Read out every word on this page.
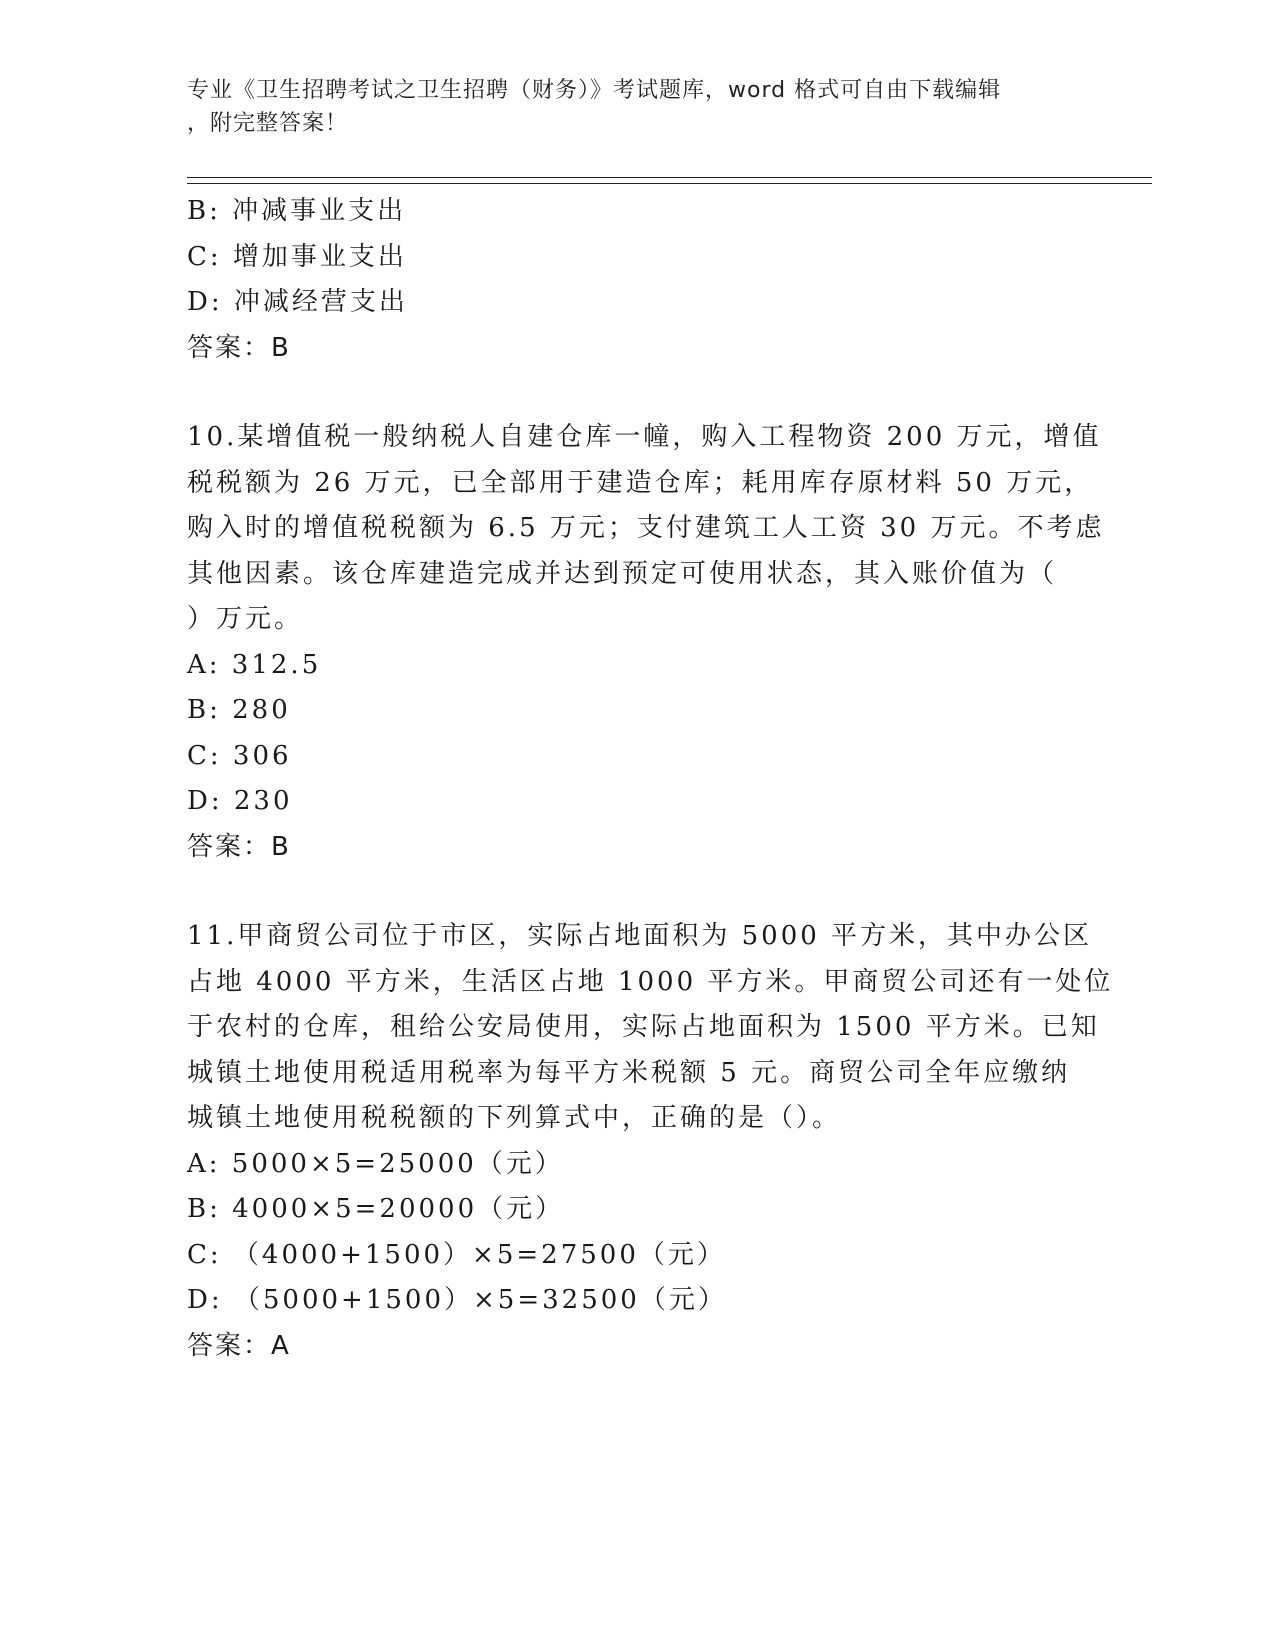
专业《卫生招聘考试之卫生招聘（财务）》考试题库，word 格式可自由下载编辑
，附完整答案！
B: 冲减事业支出
C: 增加事业支出
D: 冲减经营支出
答案：B
10.某增值税一般纳税人自建仓库一幢，购入工程物资 200 万元，增值
税税额为 26 万元，已全部用于建造仓库；耗用库存原材料 50 万元，
购入时的增值税税额为 6.5 万元；支付建筑工人工资 30 万元。不考虑
其他因素。该仓库建造完成并达到预定可使用状态，其入账价值为（
）万元。
A: 312.5
B: 280
C: 306
D: 230
答案：B
11.甲商贸公司位于市区，实际占地面积为 5000 平方米，其中办公区
占地 4000 平方米，生活区占地 1000 平方米。甲商贸公司还有一处位
于农村的仓库，租给公安局使用，实际占地面积为 1500 平方米。已知
城镇土地使用税适用税率为每平方米税额 5 元。商贸公司全年应缴纳
城镇土地使用税税额的下列算式中，正确的是（）。
A: 5000×5=25000（元）
B: 4000×5=20000（元）
C: （4000+1500）×5=27500（元）
D: （5000+1500）×5=32500（元）
答案：A
